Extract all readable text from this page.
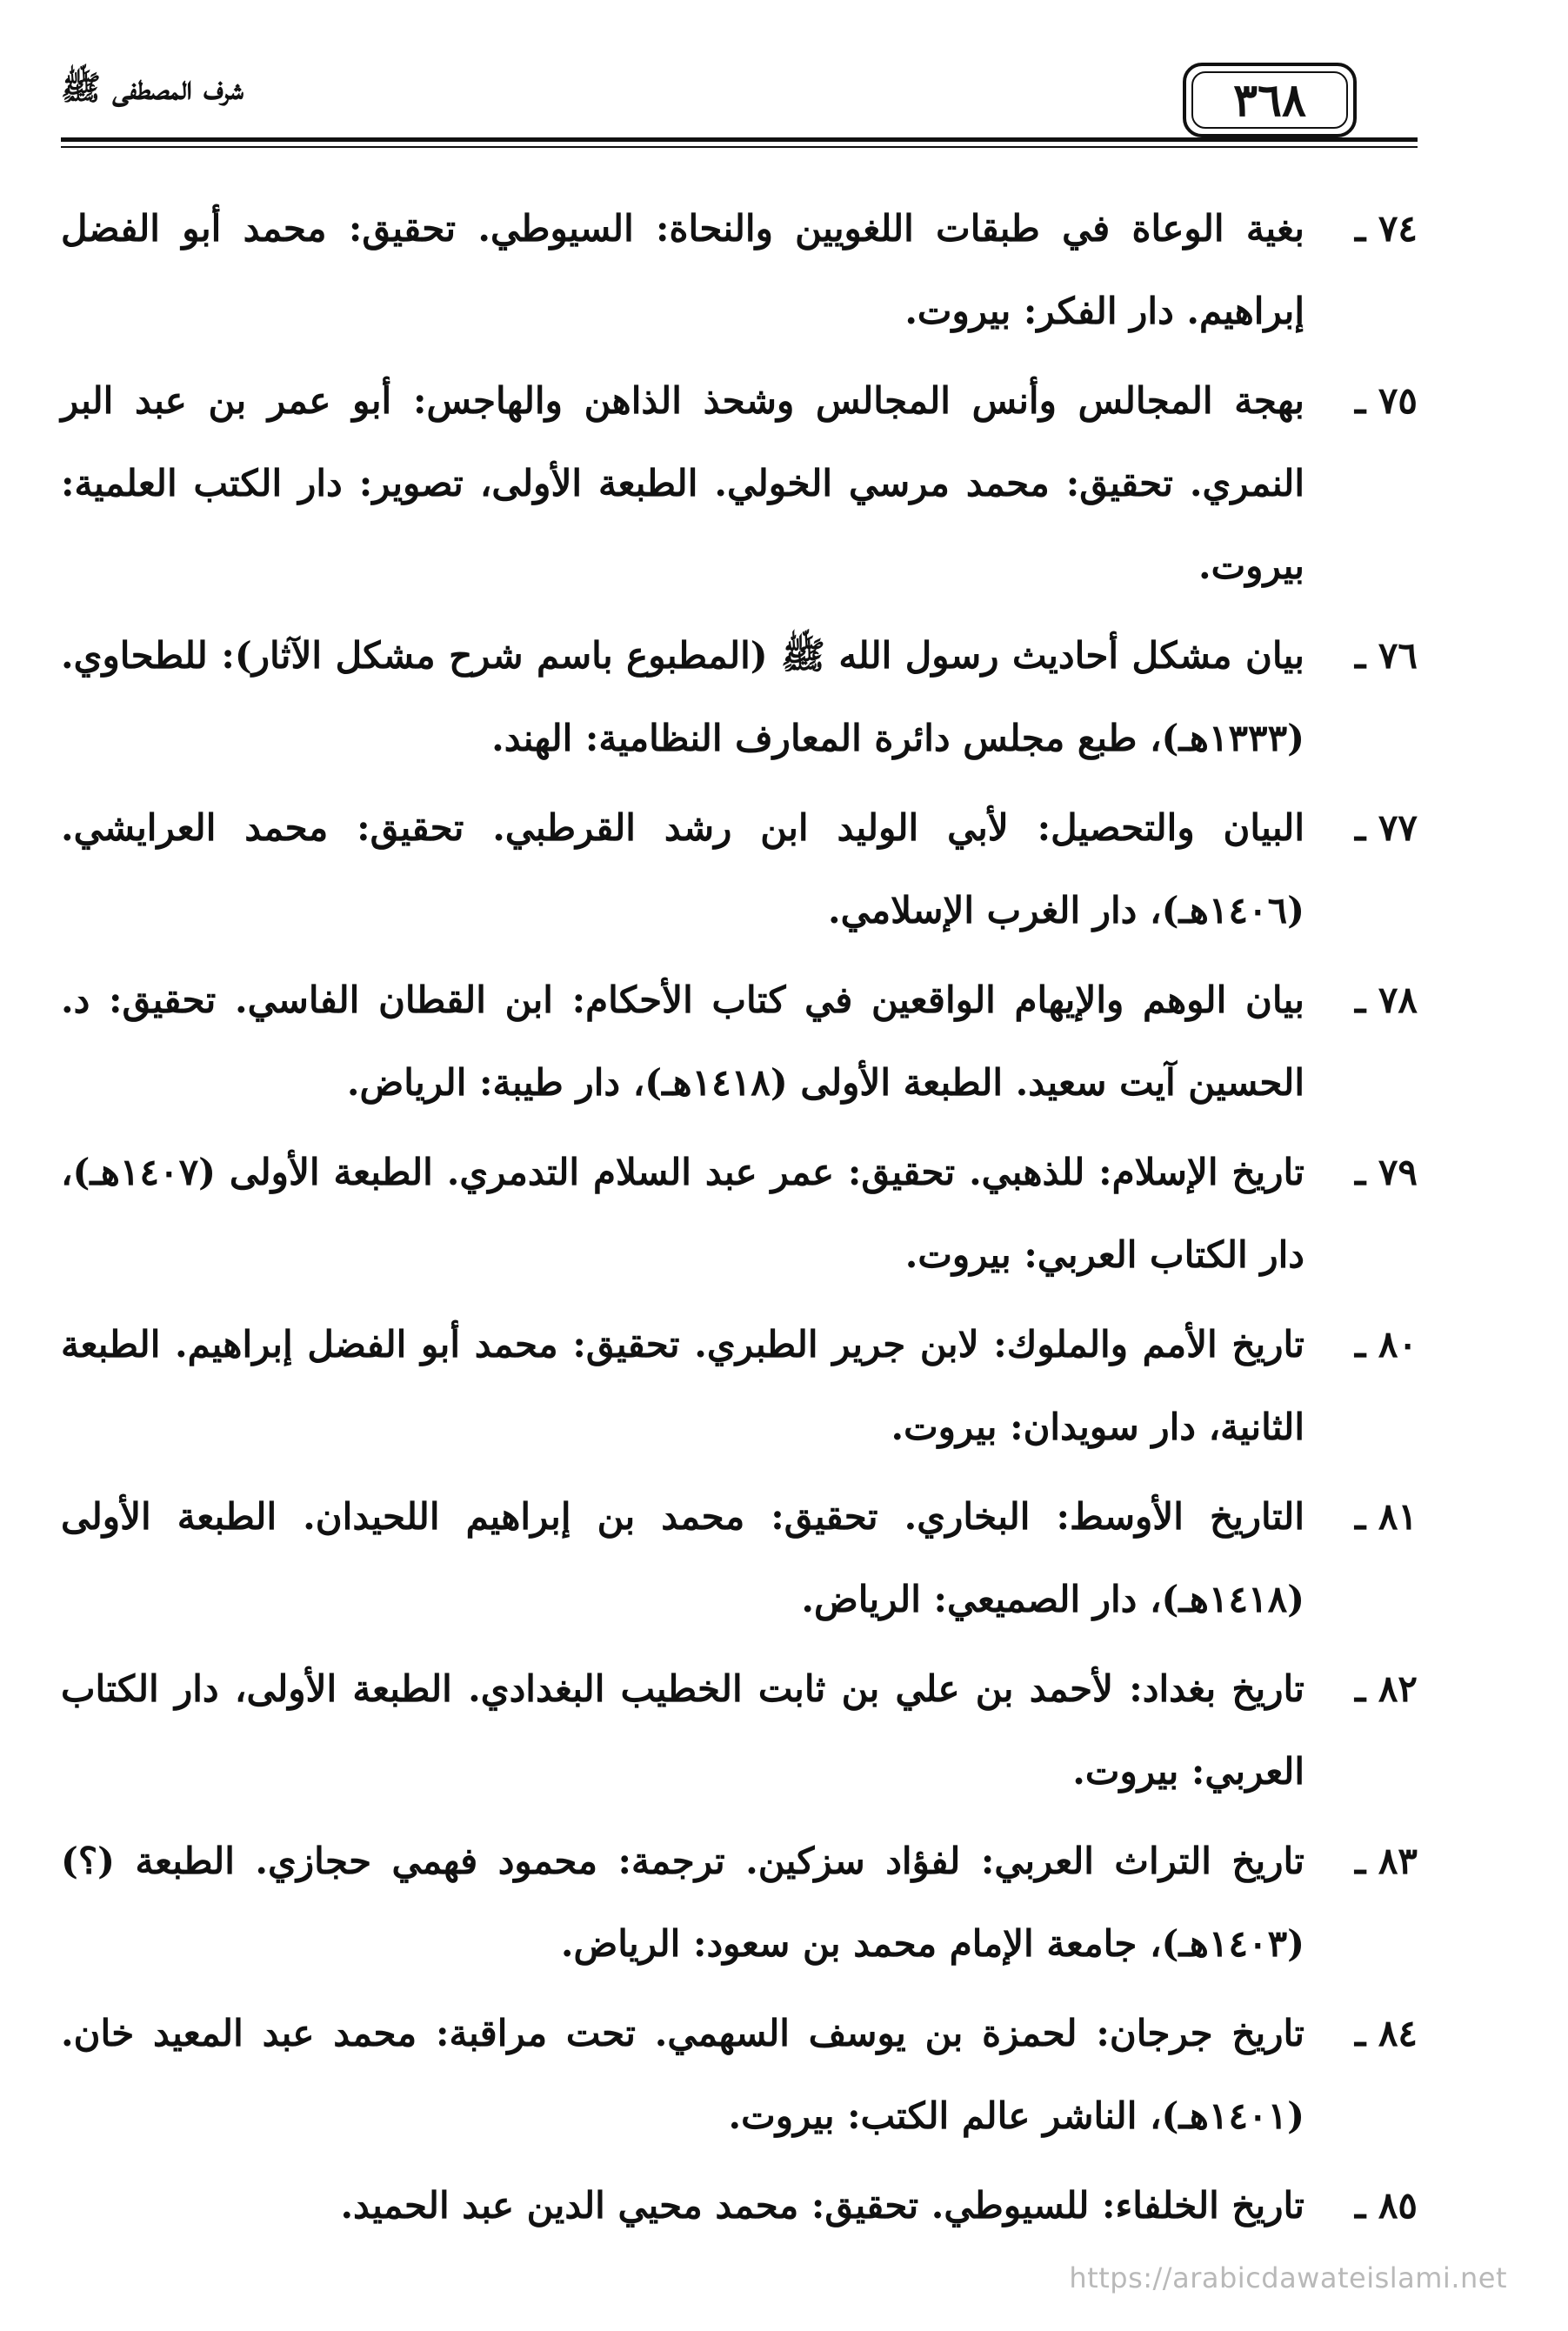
شرف المصطفى ﷺ	٣٦٨
٧٤ ـ
بغية الوعاة في طبقات اللغويين والنحاة: السيوطي. تحقيق: محمد أبو الفضل إبراهيم. دار الفكر: بيروت.
٧٥ ـ
بهجة المجالس وأنس المجالس وشحذ الذاهن والهاجس: أبو عمر بن عبد البر النمري. تحقيق: محمد مرسي الخولي. الطبعة الأولى، تصوير: دار الكتب العلمية: بيروت.
٧٦ ـ
بيان مشكل أحاديث رسول الله ﷺ (المطبوع باسم شرح مشكل الآثار): للطحاوي. (١٣٣٣هـ)، طبع مجلس دائرة المعارف النظامية: الهند.
٧٧ ـ
البيان والتحصيل: لأبي الوليد ابن رشد القرطبي. تحقيق: محمد العرايشي. (١٤٠٦هـ)، دار الغرب الإسلامي.
٧٨ ـ
بيان الوهم والإيهام الواقعين في كتاب الأحكام: ابن القطان الفاسي. تحقيق: د. الحسين آيت سعيد. الطبعة الأولى (١٤١٨هـ)، دار طيبة: الرياض.
٧٩ ـ
تاريخ الإسلام: للذهبي. تحقيق: عمر عبد السلام التدمري. الطبعة الأولى (١٤٠٧هـ)، دار الكتاب العربي: بيروت.
٨٠ ـ
تاريخ الأمم والملوك: لابن جرير الطبري. تحقيق: محمد أبو الفضل إبراهيم. الطبعة الثانية، دار سويدان: بيروت.
٨١ ـ
التاريخ الأوسط: البخاري. تحقيق: محمد بن إبراهيم اللحيدان. الطبعة الأولى (١٤١٨هـ)، دار الصميعي: الرياض.
٨٢ ـ
تاريخ بغداد: لأحمد بن علي بن ثابت الخطيب البغدادي. الطبعة الأولى، دار الكتاب العربي: بيروت.
٨٣ ـ
تاريخ التراث العربي: لفؤاد سزكين. ترجمة: محمود فهمي حجازي. الطبعة (؟) (١٤٠٣هـ)، جامعة الإمام محمد بن سعود: الرياض.
٨٤ ـ
تاريخ جرجان: لحمزة بن يوسف السهمي. تحت مراقبة: محمد عبد المعيد خان. (١٤٠١هـ)، الناشر عالم الكتب: بيروت.
٨٥ ـ
تاريخ الخلفاء: للسيوطي. تحقيق: محمد محيي الدين عبد الحميد.
https://arabicdawateislami.net
